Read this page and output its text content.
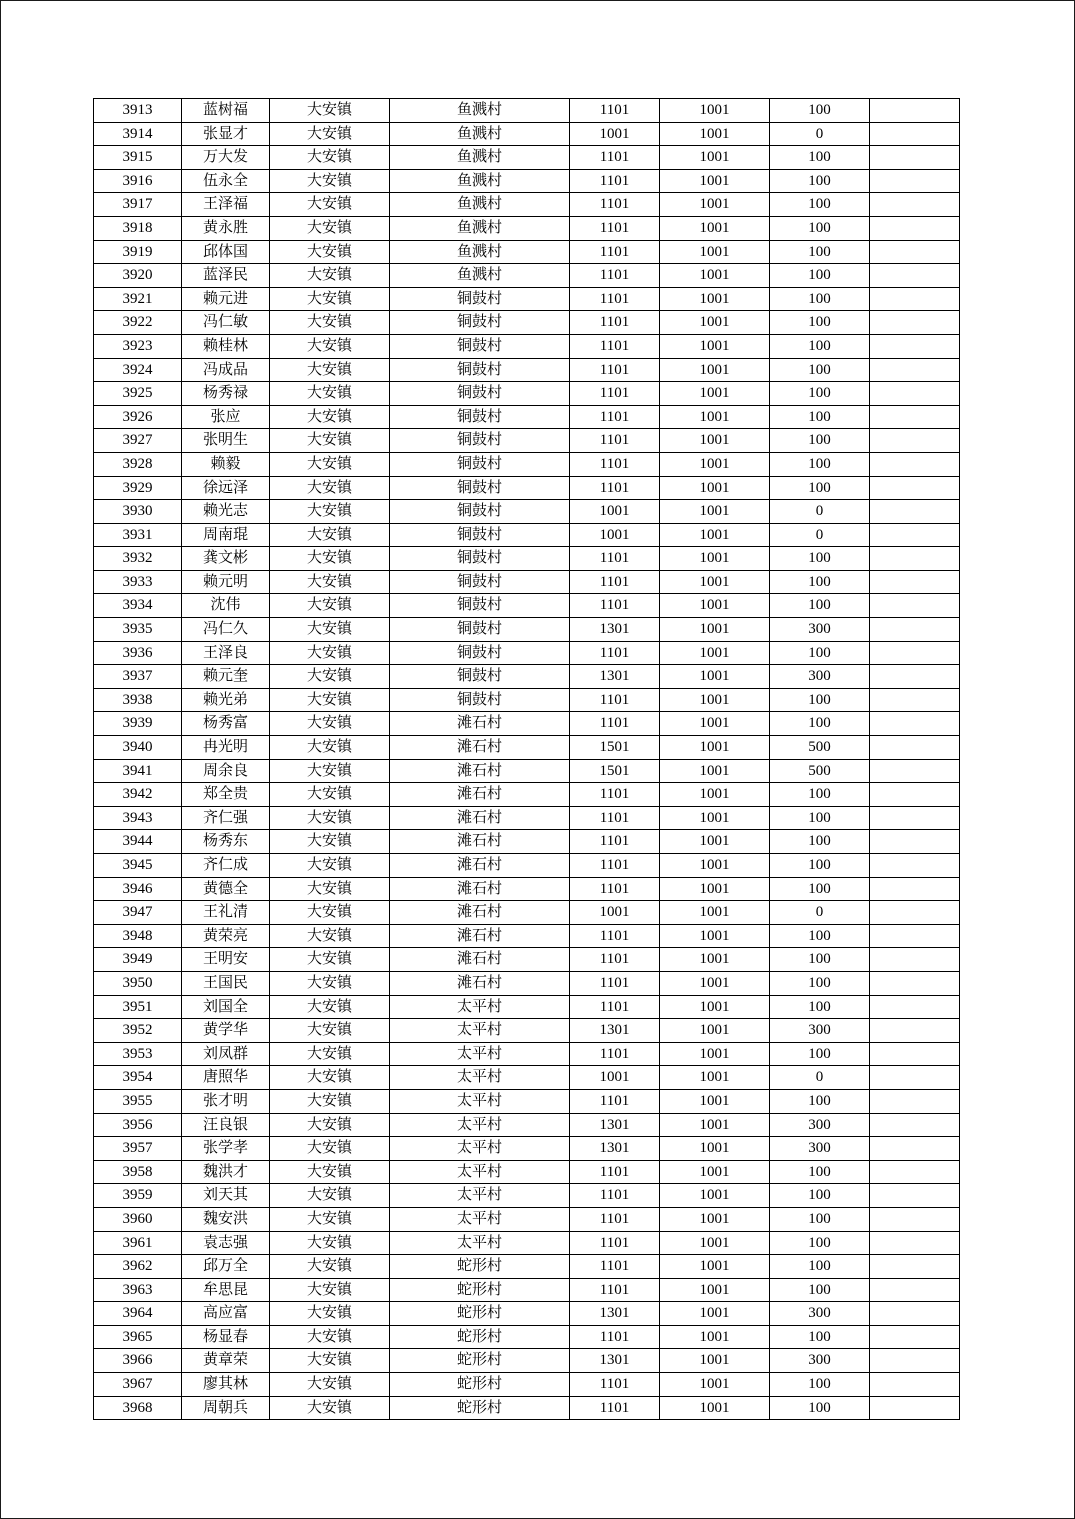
3913	蓝树福	大安镇	鱼溅村	1101	1001	100	
3914	张显才	大安镇	鱼溅村	1001	1001	0	
3915	万大发	大安镇	鱼溅村	1101	1001	100	
3916	伍永全	大安镇	鱼溅村	1101	1001	100	
3917	王泽福	大安镇	鱼溅村	1101	1001	100	
3918	黄永胜	大安镇	鱼溅村	1101	1001	100	
3919	邱体国	大安镇	鱼溅村	1101	1001	100	
3920	蓝泽民	大安镇	鱼溅村	1101	1001	100	
3921	赖元进	大安镇	铜鼓村	1101	1001	100	
3922	冯仁敏	大安镇	铜鼓村	1101	1001	100	
3923	赖桂林	大安镇	铜鼓村	1101	1001	100	
3924	冯成品	大安镇	铜鼓村	1101	1001	100	
3925	杨秀禄	大安镇	铜鼓村	1101	1001	100	
3926	张应	大安镇	铜鼓村	1101	1001	100	
3927	张明生	大安镇	铜鼓村	1101	1001	100	
3928	赖毅	大安镇	铜鼓村	1101	1001	100	
3929	徐远泽	大安镇	铜鼓村	1101	1001	100	
3930	赖光志	大安镇	铜鼓村	1001	1001	0	
3931	周南琨	大安镇	铜鼓村	1001	1001	0	
3932	龚文彬	大安镇	铜鼓村	1101	1001	100	
3933	赖元明	大安镇	铜鼓村	1101	1001	100	
3934	沈伟	大安镇	铜鼓村	1101	1001	100	
3935	冯仁久	大安镇	铜鼓村	1301	1001	300	
3936	王泽良	大安镇	铜鼓村	1101	1001	100	
3937	赖元奎	大安镇	铜鼓村	1301	1001	300	
3938	赖光弟	大安镇	铜鼓村	1101	1001	100	
3939	杨秀富	大安镇	滩石村	1101	1001	100	
3940	冉光明	大安镇	滩石村	1501	1001	500	
3941	周余良	大安镇	滩石村	1501	1001	500	
3942	郑全贵	大安镇	滩石村	1101	1001	100	
3943	齐仁强	大安镇	滩石村	1101	1001	100	
3944	杨秀东	大安镇	滩石村	1101	1001	100	
3945	齐仁成	大安镇	滩石村	1101	1001	100	
3946	黄德全	大安镇	滩石村	1101	1001	100	
3947	王礼清	大安镇	滩石村	1001	1001	0	
3948	黄荣亮	大安镇	滩石村	1101	1001	100	
3949	王明安	大安镇	滩石村	1101	1001	100	
3950	王国民	大安镇	滩石村	1101	1001	100	
3951	刘国全	大安镇	太平村	1101	1001	100	
3952	黄学华	大安镇	太平村	1301	1001	300	
3953	刘凤群	大安镇	太平村	1101	1001	100	
3954	唐照华	大安镇	太平村	1001	1001	0	
3955	张才明	大安镇	太平村	1101	1001	100	
3956	汪良银	大安镇	太平村	1301	1001	300	
3957	张学孝	大安镇	太平村	1301	1001	300	
3958	魏洪才	大安镇	太平村	1101	1001	100	
3959	刘天其	大安镇	太平村	1101	1001	100	
3960	魏安洪	大安镇	太平村	1101	1001	100	
3961	袁志强	大安镇	太平村	1101	1001	100	
3962	邱万全	大安镇	蛇形村	1101	1001	100	
3963	牟思昆	大安镇	蛇形村	1101	1001	100	
3964	高应富	大安镇	蛇形村	1301	1001	300	
3965	杨显春	大安镇	蛇形村	1101	1001	100	
3966	黄章荣	大安镇	蛇形村	1301	1001	300	
3967	廖其林	大安镇	蛇形村	1101	1001	100	
3968	周朝兵	大安镇	蛇形村	1101	1001	100	
